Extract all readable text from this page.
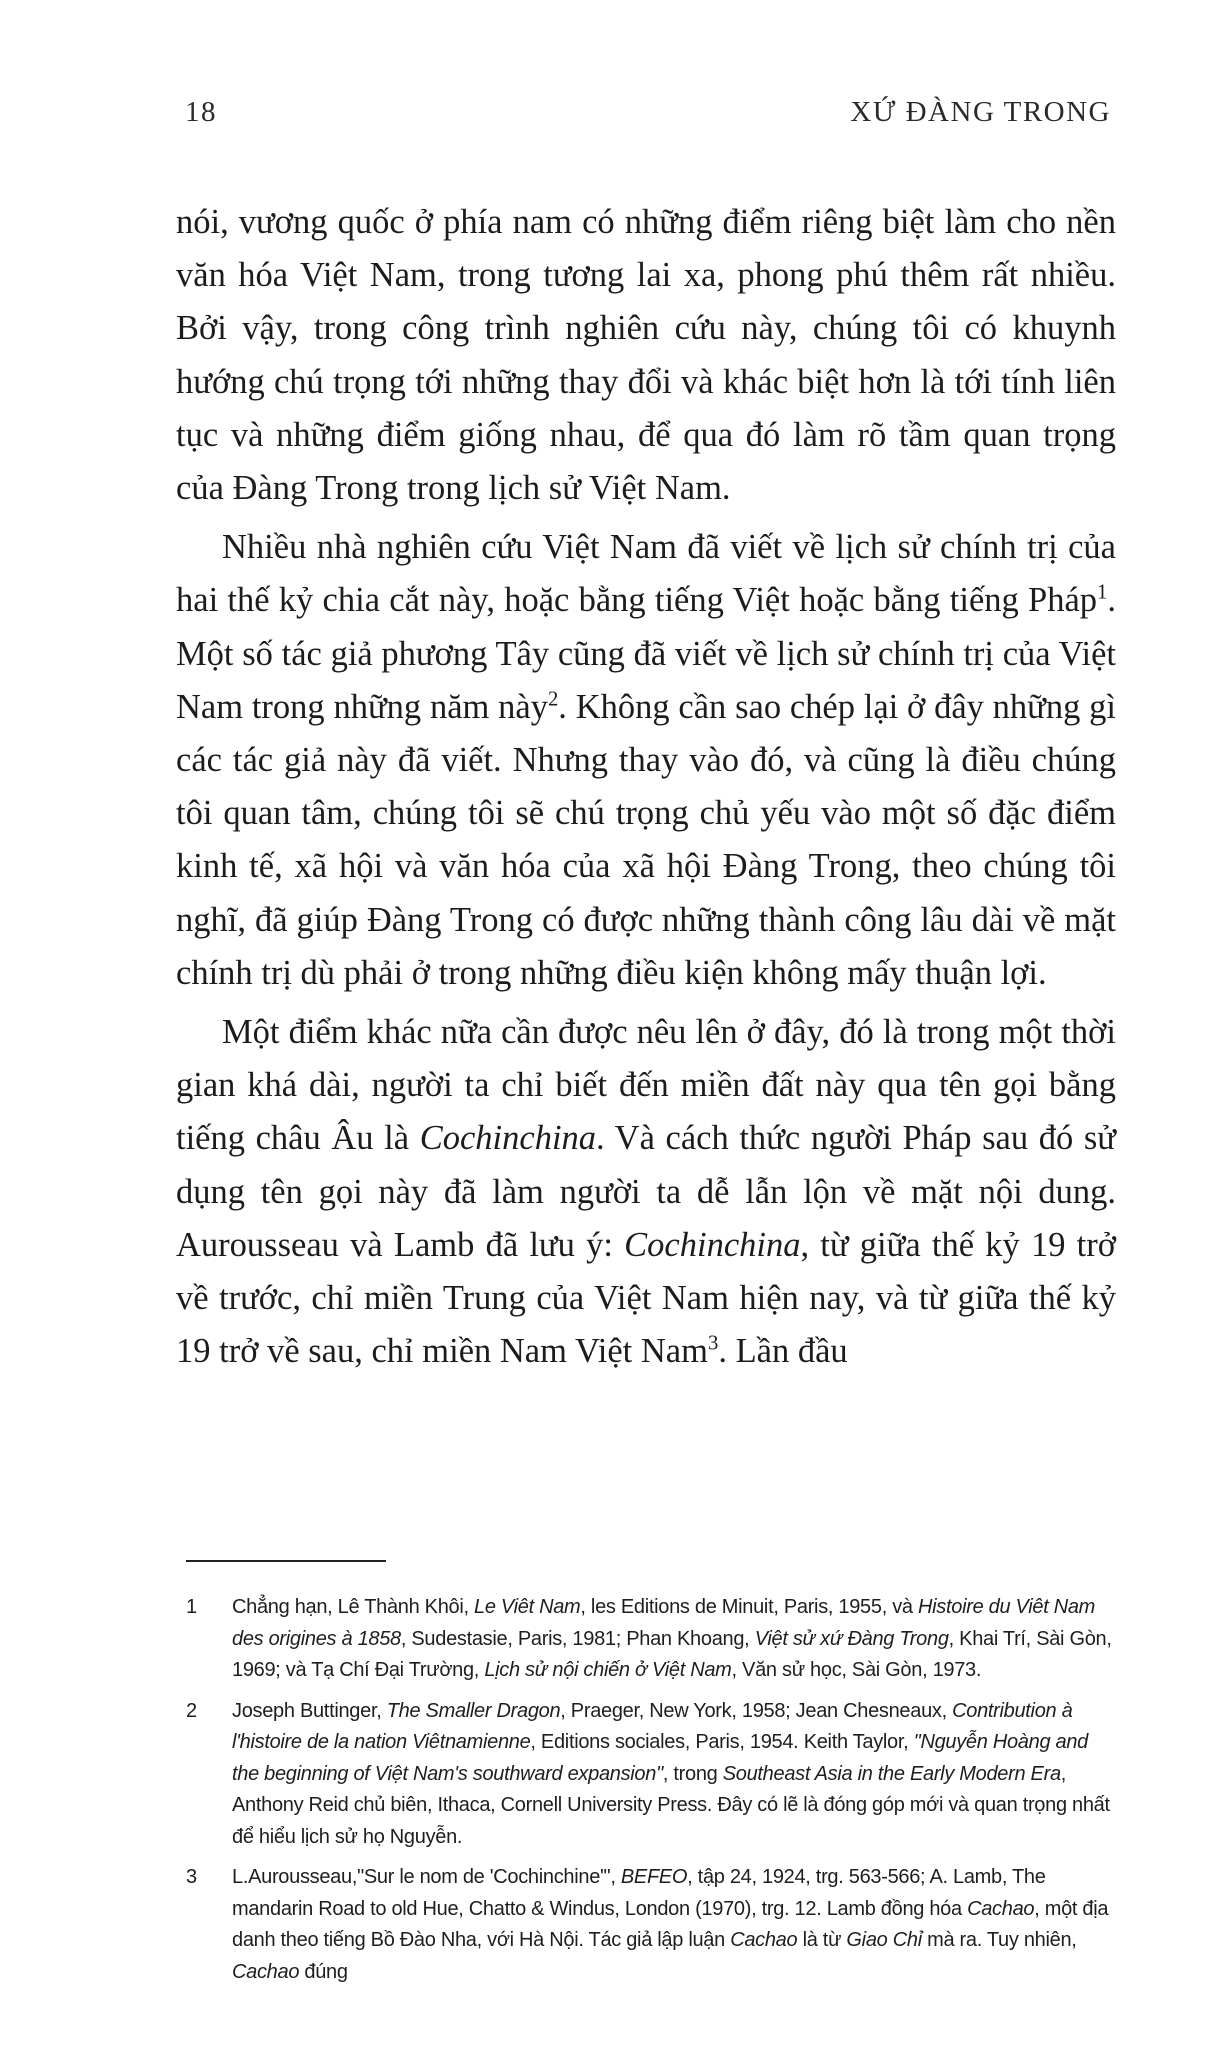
18	XỨ ĐÀNG TRONG

nói, vương quốc ở phía nam có những điểm riêng biệt làm cho nền văn hóa Việt Nam, trong tương lai xa, phong phú thêm rất nhiều. Bởi vậy, trong công trình nghiên cứu này, chúng tôi có khuynh hướng chú trọng tới những thay đổi và khác biệt hơn là tới tính liên tục và những điểm giống nhau, để qua đó làm rõ tầm quan trọng của Đàng Trong trong lịch sử Việt Nam.

Nhiều nhà nghiên cứu Việt Nam đã viết về lịch sử chính trị của hai thế kỷ chia cắt này, hoặc bằng tiếng Việt hoặc bằng tiếng Pháp$^1$. Một số tác giả phương Tây cũng đã viết về lịch sử chính trị của Việt Nam trong những năm này$^2$. Không cần sao chép lại ở đây những gì các tác giả này đã viết. Nhưng thay vào đó, và cũng là điều chúng tôi quan tâm, chúng tôi sẽ chú trọng chủ yếu vào một số đặc điểm kinh tế, xã hội và văn hóa của xã hội Đàng Trong, theo chúng tôi nghĩ, đã giúp Đàng Trong có được những thành công lâu dài về mặt chính trị dù phải ở trong những điều kiện không mấy thuận lợi.

Một điểm khác nữa cần được nêu lên ở đây, đó là trong một thời gian khá dài, người ta chỉ biết đến miền đất này qua tên gọi bằng tiếng châu Âu là Cochinchina. Và cách thức người Pháp sau đó sử dụng tên gọi này đã làm người ta dễ lẫn lộn về mặt nội dung. Aurousseau và Lamb đã lưu ý: Cochinchina, từ giữa thế kỷ 19 trở về trước, chỉ miền Trung của Việt Nam hiện nay, và từ giữa thế kỷ 19 trở về sau, chỉ miền Nam Việt Nam$^3$. Lần đầu

1	Chẳng hạn, Lê Thành Khôi, Le Viêt Nam, les Editions de Minuit, Paris, 1955, và Histoire du Viêt Nam des origines à 1858, Sudestasie, Paris, 1981; Phan Khoang, Việt sử xứ Đàng Trong, Khai Trí, Sài Gòn, 1969; và Tạ Chí Đại Trường, Lịch sử nội chiến ở Việt Nam, Văn sử học, Sài Gòn, 1973.
2	Joseph Buttinger, The Smaller Dragon, Praeger, New York, 1958; Jean Chesneaux, Contribution à l'histoire de la nation Viêtnamienne, Editions sociales, Paris, 1954. Keith Taylor, "Nguyễn Hoàng and the beginning of Việt Nam's southward expansion", trong Southeast Asia in the Early Modern Era, Anthony Reid chủ biên, Ithaca, Cornell University Press. Đây có lẽ là đóng góp mới và quan trọng nhất để hiểu lịch sử họ Nguyễn.
3	L.Aurousseau,"Sur le nom de 'Cochinchine'", BEFEO, tập 24, 1924, trg. 563-566; A. Lamb, The mandarin Road to old Hue, Chatto & Windus, London (1970), trg. 12. Lamb đồng hóa Cachao, một địa danh theo tiếng Bồ Đào Nha, với Hà Nội. Tác giả lập luận Cachao là từ Giao Chỉ mà ra. Tuy nhiên, Cachao đúng
